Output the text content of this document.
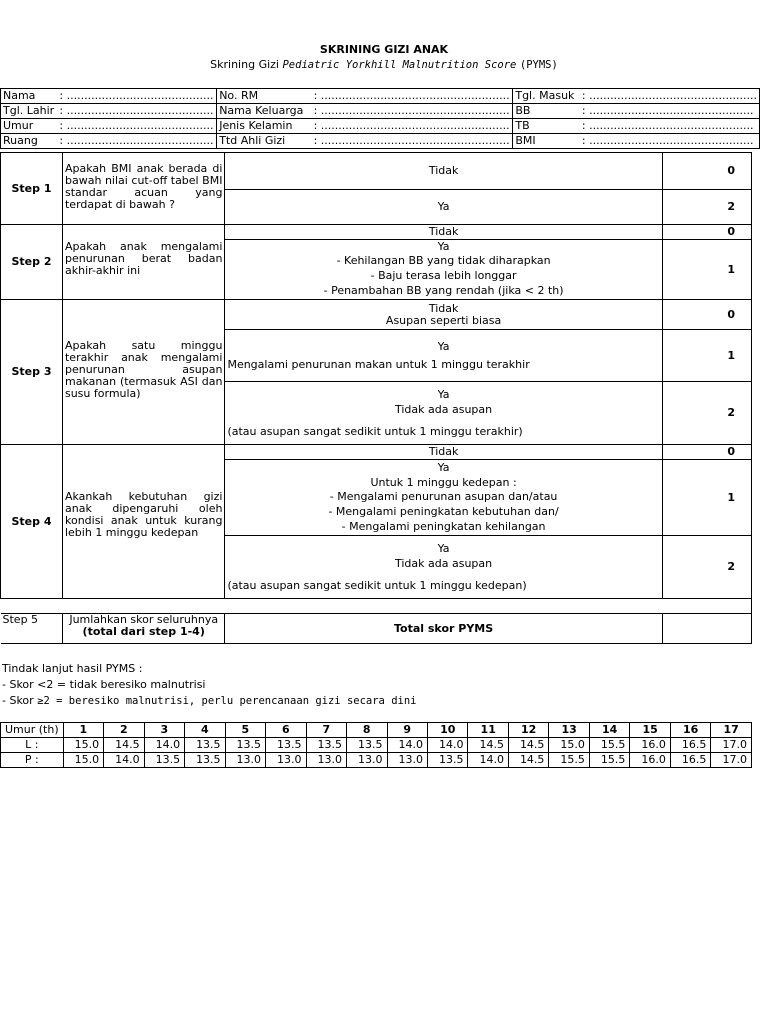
SKRINING GIZI ANAK
Skrining Gizi Pediatric Yorkhill Malnutrition Score (PYMS)
Nama	: ..........................................	No. RM	: ......................................................	Tgl. Masuk	: ................................................
Tgl. Lahir	: ..........................................	Nama Keluarga	: ......................................................	BB	: ...............................................
Umur	: ..........................................	Jenis Kelamin	: ......................................................	TB	: ...............................................
Ruang	: ..........................................	Ttd Ahli Gizi	: ......................................................	BMI	: ...............................................
Step 1	Apakah BMI anak berada di bawah nilai cut-off tabel BMI standar acuan yang terdapat di bawah ?	Tidak	0
		Ya	2
Step 2	Apakah anak mengalami penurunan berat badan akhir-akhir ini	Tidak	0

		Ya
- Kehilangan BB yang tidak diharapkan
- Baju terasa lebih longgar
- Penambahan BB yang rendah (jika < 2 th)	1
Step 3	Apakah satu minggu terakhir anak mengalami penurunan asupan makanan (termasuk ASI dan susu formula)	Tidak
Asupan seperti biasa	0

		Ya
Mengalami penurunan makan untuk 1 minggu terakhir	1

		Ya
Tidak ada asupan
(atau asupan sangat sedikit untuk 1 minggu terakhir)	2
Step 4	Akankah kebutuhan gizi anak dipengaruhi oleh kondisi anak untuk kurang lebih 1 minggu kedepan	Tidak	0

		Ya
Untuk 1 minggu kedepan :
- Mengalami penurunan asupan dan/atau
- Mengalami peningkatan kebutuhan dan/
- Mengalami peningkatan kehilangan	1

		Ya
Tidak ada asupan
(atau asupan sangat sedikit untuk 1 minggu kedepan)	2

Step 5	Jumlahkan skor seluruhnya
(total dari step 1-4)	Total skor PYMS	
Tindak lanjut hasil PYMS :
- Skor <2 = tidak beresiko malnutrisi
- Skor ≥2 = beresiko malnutrisi, perlu perencanaan gizi secara dini
Umur (th)	1	2	3	4	5	6	7	8	9	10	11	12	13	14	15	16	17
L :	15.0	14.5	14.0	13.5	13.5	13.5	13.5	13.5	14.0	14.0	14.5	14.5	15.0	15.5	16.0	16.5	17.0
P :	15.0	14.0	13.5	13.5	13.0	13.0	13.0	13.0	13.0	13.5	14.0	14.5	15.5	15.5	16.0	16.5	17.0
